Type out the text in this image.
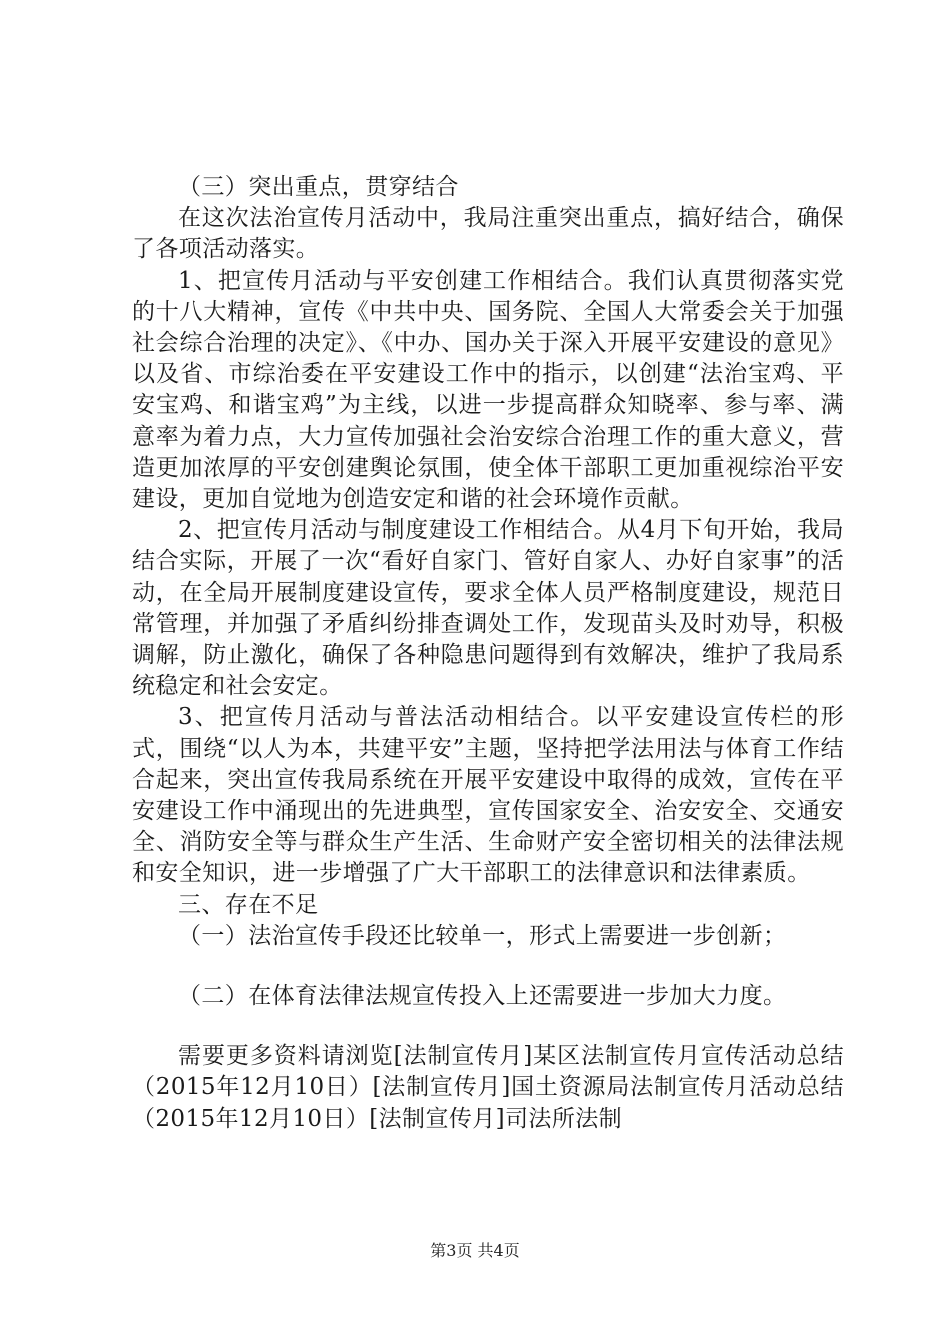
（三）突出重点，贯穿结合

在这次法治宣传月活动中，我局注重突出重点，搞好结合，确保了各项活动落实。

1、把宣传月活动与平安创建工作相结合。我们认真贯彻落实党的十八大精神，宣传《中共中央、国务院、全国人大常委会关于加强社会综合治理的决定》、《中办、国办关于深入开展平安建设的意见》以及省、市综治委在平安建设工作中的指示，以创建“法治宝鸡、平安宝鸡、和谐宝鸡”为主线，以进一步提高群众知晓率、参与率、满意率为着力点，大力宣传加强社会治安综合治理工作的重大意义，营造更加浓厚的平安创建舆论氛围，使全体干部职工更加重视综治平安建设，更加自觉地为创造安定和谐的社会环境作贡献。

2、把宣传月活动与制度建设工作相结合。从4月下旬开始，我局结合实际，开展了一次“看好自家门、管好自家人、办好自家事”的活动，在全局开展制度建设宣传，要求全体人员严格制度建设，规范日常管理，并加强了矛盾纠纷排查调处工作，发现苗头及时劝导，积极调解，防止激化，确保了各种隐患问题得到有效解决，维护了我局系统稳定和社会安定。

3、把宣传月活动与普法活动相结合。以平安建设宣传栏的形式，围绕“以人为本，共建平安”主题，坚持把学法用法与体育工作结合起来，突出宣传我局系统在开展平安建设中取得的成效，宣传在平安建设工作中涌现出的先进典型，宣传国家安全、治安安全、交通安全、消防安全等与群众生产生活、生命财产安全密切相关的法律法规和安全知识，进一步增强了广大干部职工的法律意识和法律素质。

三、存在不足

（一）法治宣传手段还比较单一，形式上需要进一步创新；

（二）在体育法律法规宣传投入上还需要进一步加大力度。

需要更多资料请浏览[法制宣传月]某区法制宣传月宣传活动总结（2015年12月10日）[法制宣传月]国土资源局法制宣传月活动总结（2015年12月10日）[法制宣传月]司法所法制

第3页 共4页
